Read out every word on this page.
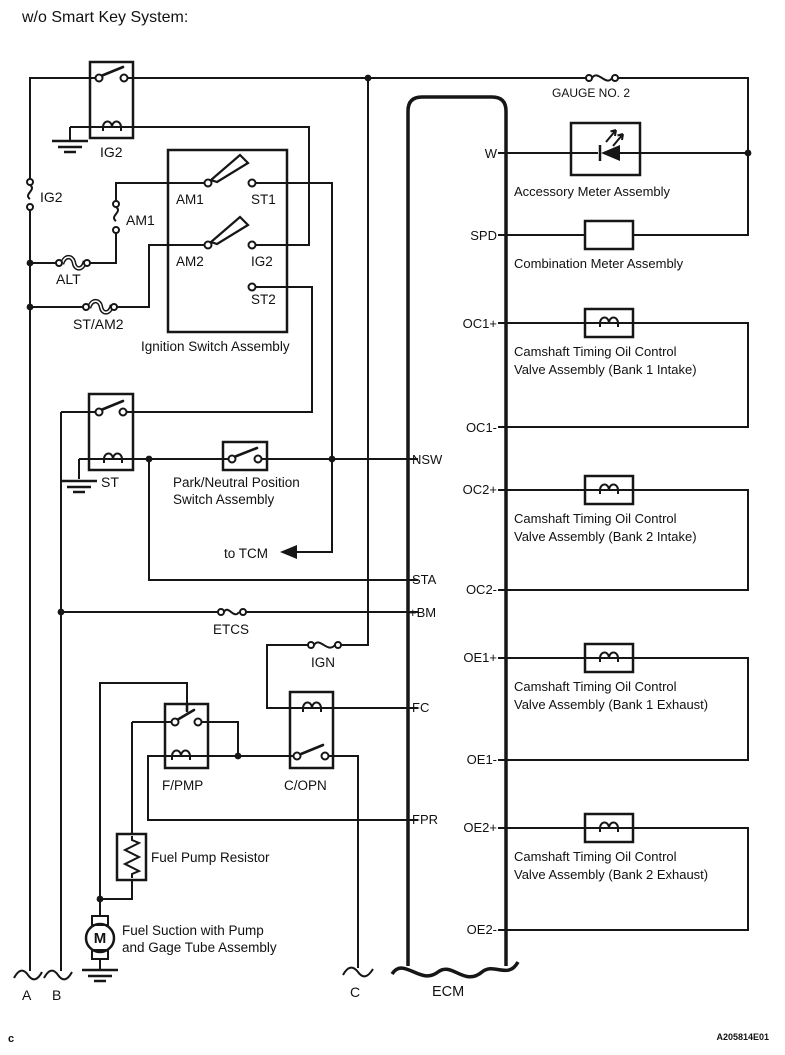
w/o Smart Key System:
GAUGE NO. 2
IG2
IG2
AM1
ALT
ST/AM2
AM1	ST1
AM2	IG2
ST2
Ignition Switch Assembly
ST	Park/Neutral Position
Switch Assembly
to TCM
ETCS
IGN
F/PMP	C/OPN
Fuel Pump Resistor
Fuel Suction with Pump
and Gage Tube Assembly
M
Accessory Meter Assembly
Combination Meter Assembly
Camshaft Timing Oil Control
Valve Assembly (Bank 1 Intake)
Camshaft Timing Oil Control
Valve Assembly (Bank 2 Intake)
Camshaft Timing Oil Control
Valve Assembly (Bank 1 Exhaust)
Camshaft Timing Oil Control
Valve Assembly (Bank 2 Exhaust)
W
SPD
OC1+
OC1-
OC2+
OC2-
OE1+
OE1-
OE2+
OE2-
NSW
STA
+BM
FC
FPR
ECM
A B	C
c	A205814E01
